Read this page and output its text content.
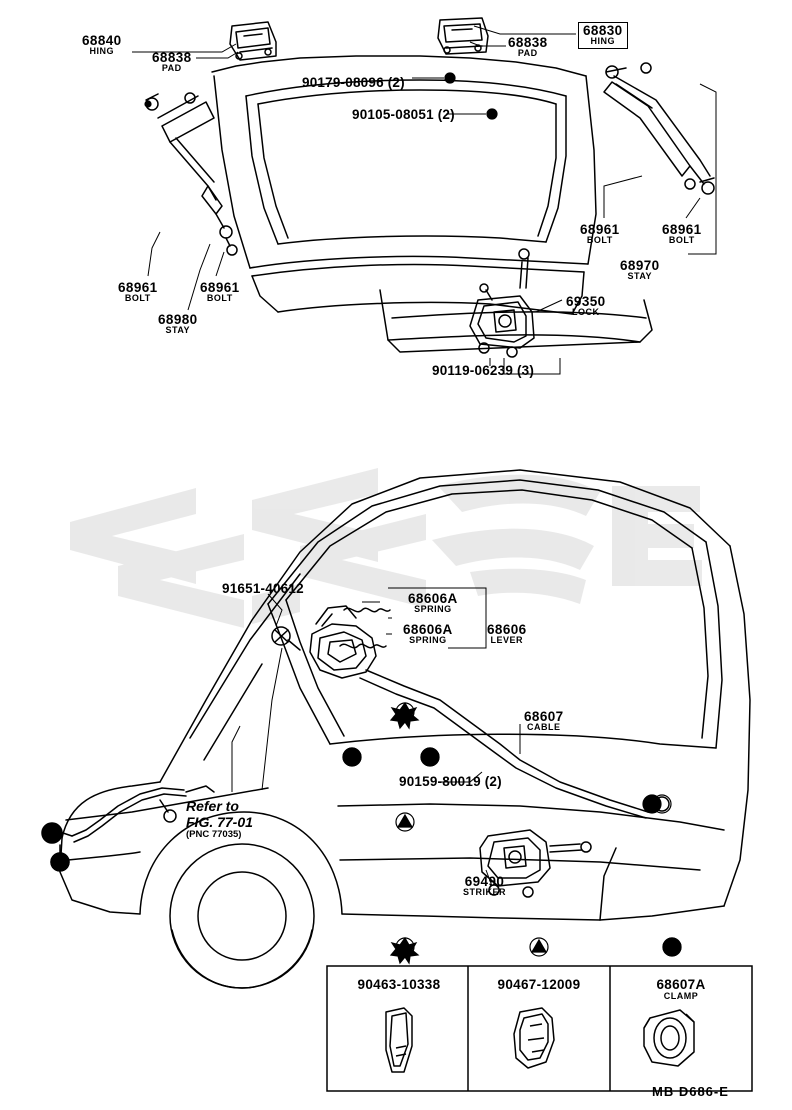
68840
HING	68838
PAD
68838
PAD
68830
HING
90179-08096 (2)
90105-08051 (2)
68961
BOLT
68961
BOLT
68980
STAY
68961
BOLT
68961
BOLT
68970
STAY
69350
LOCK
90119-06239 (3)
91651-40612
68606A
SPRING
68606A
SPRING
68606
LEVER
68607
CABLE
90159-80019 (2)
69490
STRIKER
Refer to
FIG. 77-01
(PNC 77035)
90463-10338	90467-12009	68607A
CLAMP
MB D686-E
